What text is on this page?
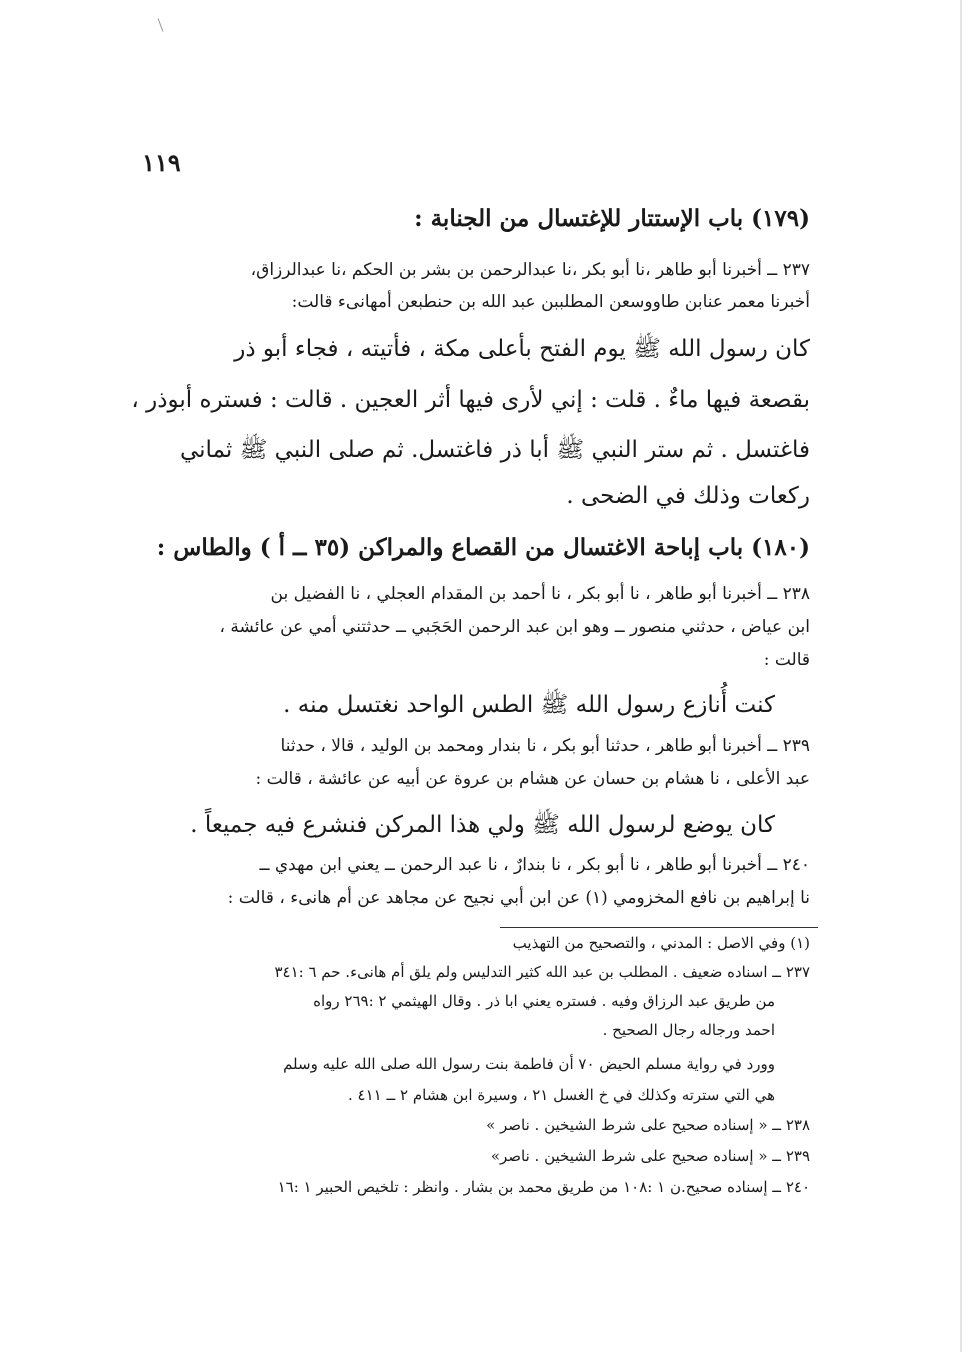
١١٩
(١٧٩) باب الإستتار للإغتسال من الجنابة :
٢٣٧ ــ أخبرنا أبو طاهر ،نا أبو بكر ،نا عبدالرحمن بن بشر بن الحكم ،نا عبدالرزاق،
أخبرنا معمر عنابن طاووسعن المطلببن عبد الله بن حنطبعن أمهانىء قالت:
كان رسول الله ﷺ يوم الفتح بأعلى مكة ، فأتيته ، فجاء أبو ذر
بقصعة فيها ماءٌ . قلت : إني لأرى فيها أثر العجين . قالت : فستره أبوذر ،
فاغتسل . ثم ستر النبي ﷺ أبا ذر فاغتسل. ثم صلى النبي ﷺ ثماني
ركعات وذلك في الضحى .
(١٨٠) باب إباحة الاغتسال من القصاع والمراكن (٣٥ ــ أ ) والطاس :
٢٣٨ ــ أخبرنا أبو طاهر ، نا أبو بكر ، نا أحمد بن المقدام العجلي ، نا الفضيل بن
ابن عياض ، حدثني منصور ــ وهو ابن عبد الرحمن الحَجَبي ــ حدثتني أمي عن عائشة ،
قالت :
كنت أُنازع رسول الله ﷺ الطس الواحد نغتسل منه .
٢٣٩ ــ أخبرنا أبو طاهر ، حدثنا أبو بكر ، نا بندار ومحمد بن الوليد ، قالا ، حدثنا
عبد الأعلى ، نا هشام بن حسان عن هشام بن عروة عن أبيه عن عائشة ، قالت :
كان يوضع لرسول الله ﷺ ولي هذا المركن فنشرع فيه جميعاً .
٢٤٠ ــ أخبرنا أبو طاهر ، نا أبو بكر ، نا بندارٌ ، نا عبد الرحمن ــ يعني ابن مهدي ــ
نا إبراهيم بن نافع المخزومي (١) عن ابن أبي نجيح عن مجاهد عن أم هانىء ، قالت :
(١) وفي الاصل : المدني ، والتصحيح من التهذيب
٢٣٧ ــ اسناده ضعيف . المطلب بن عبد الله كثير التدليس ولم يلق أم هانىء. حم ٦ :٣٤١
من طريق عبد الرزاق وفيه . فستره يعني ابا ذر . وقال الهيثمي ٢ :٢٦٩ رواه
احمد ورجاله رجال الصحيح .
وورد في رواية مسلم الحيض ٧٠ أن فاطمة بنت رسول الله صلى الله عليه وسلم
هي التي سترته وكذلك في خ الغسل ٢١ ، وسيرة ابن هشام ٢ ــ ٤١١ .
٢٣٨ ــ « إسناده صحيح على شرط الشيخين . ناصر »
٢٣٩ ــ « إسناده صحيح على شرط الشيخين . ناصر»
٢٤٠ ــ إسناده صحيح.ن ١ :١٠٨ من طريق محمد بن بشار . وانظر : تلخيص الحبير ١ :١٦
